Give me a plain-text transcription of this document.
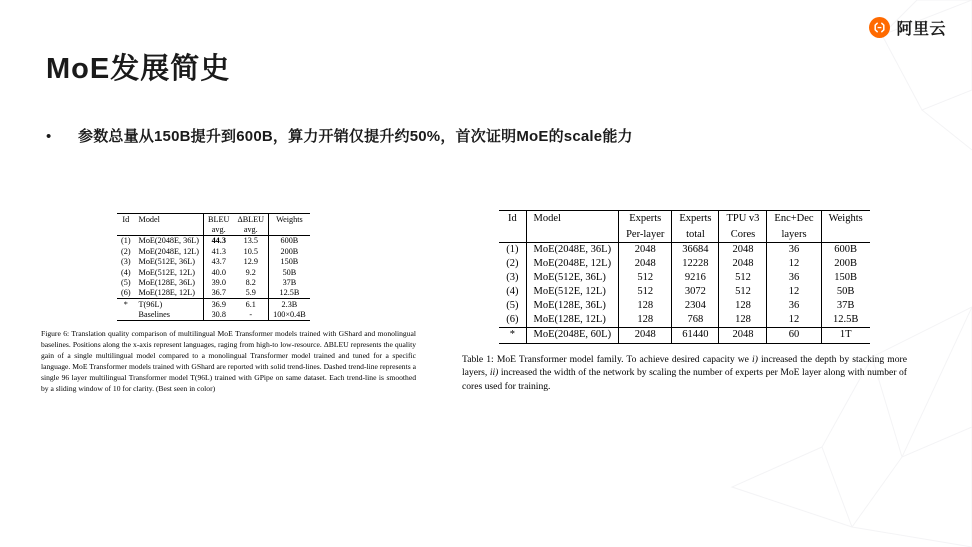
阿里云
MoE发展简史
•	参数总量从150B提升到600B，算力开销仅提升约50%，首次证明MoE的scale能力
Id	Model	BLEU	ΔBLEU	Weights
		avg.	avg.	
(1)	MoE(2048E, 36L)	44.3	13.5	600B
(2)	MoE(2048E, 12L)	41.3	10.5	200B
(3)	MoE(512E, 36L)	43.7	12.9	150B
(4)	MoE(512E, 12L)	40.0	9.2	50B
(5)	MoE(128E, 36L)	39.0	8.2	37B
(6)	MoE(128E, 12L)	36.7	5.9	12.5B
*	T(96L)	36.9	6.1	2.3B
	Baselines	30.8	-	100×0.4B
Figure 6: Translation quality comparison of multilingual MoE Transformer models trained with GShard and monolingual baselines. Positions along the x-axis represent languages, raging from high-to low-resource. ΔBLEU represents the quality gain of a single multilingual model compared to a monolingual Transformer model trained and tuned for a specific language. MoE Transformer models trained with GShard are reported with solid trend-lines. Dashed trend-line represents a single 96 layer multilingual Transformer model T(96L) trained with GPipe on same dataset. Each trend-line is smoothed by a sliding window of 10 for clarity. (Best seen in color)
Id	Model	Experts	Experts	TPU v3	Enc+Dec	Weights
		Per-layer	total	Cores	layers	
(1)	MoE(2048E, 36L)	2048	36684	2048	36	600B
(2)	MoE(2048E, 12L)	2048	12228	2048	12	200B
(3)	MoE(512E, 36L)	512	9216	512	36	150B
(4)	MoE(512E, 12L)	512	3072	512	12	50B
(5)	MoE(128E, 36L)	128	2304	128	36	37B
(6)	MoE(128E, 12L)	128	768	128	12	12.5B
*	MoE(2048E, 60L)	2048	61440	2048	60	1T
Table 1: MoE Transformer model family. To achieve desired capacity we i) increased the depth by stacking more layers, ii) increased the width of the network by scaling the number of experts per MoE layer along with number of cores used for training.
